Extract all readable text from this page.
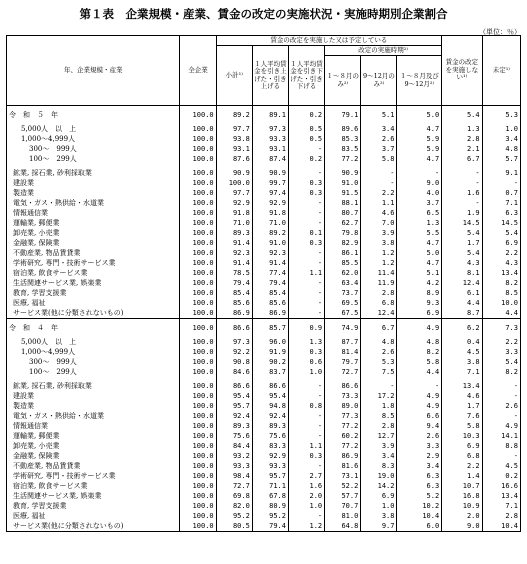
第１表　企業規模・産業、賃金の改定の実施状況・実施時期別企業割合
（単位：％）
年、企業規模・産業	全企業	賃金の改定を実施した又は予定している						賃金の改定を実施しない¹⁾	未定¹⁾
		小計¹⁾	１人平均賃金を引き上げた・引き上げる	１人平均賃金を引き下げた・引き下げる	改定の実施時期²⁾				
					１〜８月のみ²⁾	9〜12月のみ²⁾	１〜８月及び9〜12月²⁾		

令　和　５　年	100.0	89.2	89.1	0.2	79.1	5.1	5.0	5.4	5.3

5,000人　以　上	100.0	97.7	97.3	0.5	89.6	3.4	4.7	1.3	1.0
1,000〜4,999人	100.0	93.8	93.3	0.5	85.3	2.6	5.9	2.8	3.4
300〜　999人	100.0	93.1	93.1	-	83.5	3.7	5.9	2.1	4.8
100〜　299人	100.0	87.6	87.4	0.2	77.2	5.8	4.7	6.7	5.7

鉱業, 採石業, 砂利採取業	100.0	90.9	90.9	-	90.9	-	-	-	9.1
建設業	100.0	100.0	99.7	0.3	91.0	-	9.0	-	-
製造業	100.0	97.7	97.4	0.3	91.5	2.2	4.0	1.6	0.7
電気・ガス・熱供給・水道業	100.0	92.9	92.9	-	88.1	1.1	3.7	-	7.1
情報通信業	100.0	91.8	91.8	-	80.7	4.6	6.5	1.9	6.3
運輸業, 郵便業	100.0	71.0	71.0	-	62.7	7.0	1.3	14.5	14.5
卸売業, 小売業	100.0	89.3	89.2	0.1	79.8	3.9	5.5	5.4	5.4
金融業, 保険業	100.0	91.4	91.0	0.3	82.9	3.8	4.7	1.7	6.9
不動産業, 物品賃貸業	100.0	92.3	92.3	-	86.1	1.2	5.0	5.4	2.2
学術研究, 専門・技術サービス業	100.0	91.4	91.4	-	85.5	1.2	4.7	4.3	4.3
宿泊業, 飲食サービス業	100.0	78.5	77.4	1.1	62.0	11.4	5.1	8.1	13.4
生活関連サービス業, 娯楽業	100.0	79.4	79.4	-	63.4	11.9	4.2	12.4	8.2
教育, 学習支援業	100.0	85.4	85.4	-	73.7	2.8	8.9	6.1	8.5
医療, 福祉	100.0	85.6	85.6	-	69.5	6.8	9.3	4.4	10.0
サービス業(他に分類されないもの)	100.0	86.9	86.9	-	67.5	12.4	6.9	8.7	4.4

令　和　４　年	100.0	86.6	85.7	0.9	74.9	6.7	4.9	6.2	7.3

5,000人　以　上	100.0	97.3	96.0	1.3	87.7	4.8	4.8	0.4	2.2
1,000〜4,999人	100.0	92.2	91.9	0.3	81.4	2.6	8.2	4.5	3.3
300〜　999人	100.0	90.8	90.2	0.6	79.7	5.3	5.8	3.8	5.4
100〜　299人	100.0	84.6	83.7	1.0	72.7	7.5	4.4	7.1	8.2

鉱業, 採石業, 砂利採取業	100.0	86.6	86.6	-	86.6	-	-	13.4	-
建設業	100.0	95.4	95.4	-	73.3	17.2	4.9	4.6	-
製造業	100.0	95.7	94.8	0.8	89.0	1.8	4.9	1.7	2.6
電気・ガス・熱供給・水道業	100.0	92.4	92.4	-	77.3	8.5	6.6	7.6	-
情報通信業	100.0	89.3	89.3	-	77.2	2.8	9.4	5.8	4.9
運輸業, 郵便業	100.0	75.6	75.6	-	60.2	12.7	2.6	10.3	14.1
卸売業, 小売業	100.0	84.4	83.3	1.1	77.2	3.9	3.3	6.9	8.8
金融業, 保険業	100.0	93.2	92.9	0.3	86.9	3.4	2.9	6.8	-
不動産業, 物品賃貸業	100.0	93.3	93.3	-	81.6	8.3	3.4	2.2	4.5
学術研究, 専門・技術サービス業	100.0	98.4	95.7	2.7	73.1	19.0	6.3	1.4	0.2
宿泊業, 飲食サービス業	100.0	72.7	71.1	1.6	52.2	14.2	6.3	10.7	16.6
生活関連サービス業, 娯楽業	100.0	69.8	67.8	2.0	57.7	6.9	5.2	16.8	13.4
教育, 学習支援業	100.0	82.0	80.9	1.0	70.7	1.0	10.2	10.9	7.1
医療, 福祉	100.0	95.2	95.2	-	81.0	3.8	10.4	2.0	2.8
サービス業(他に分類されないもの)	100.0	80.5	79.4	1.2	64.8	9.7	6.0	9.0	10.4
